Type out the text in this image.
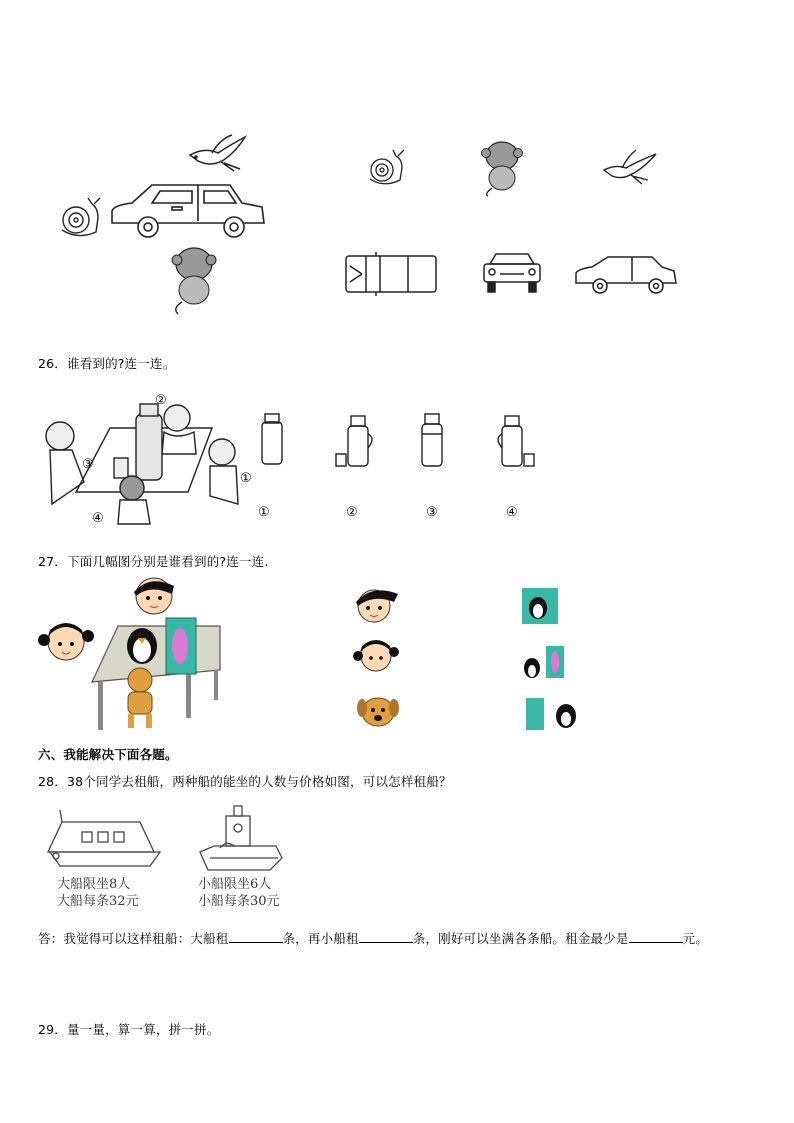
26．谁看到的?连一连。
②
③
①
④	①	②	③	④
27．下面几幅图分别是谁看到的?连一连.
六、我能解决下面各题。
28．38个同学去租船，两种船的能坐的人数与价格如图，可以怎样租船？
大船限坐8人
大船每条32元
小船限坐6人
小船每条30元
答：我觉得可以这样租船：大船租	条，再小船租	条，刚好可以坐满各条船。租金最少是	元。
29．量一量，算一算，拼一拼。
